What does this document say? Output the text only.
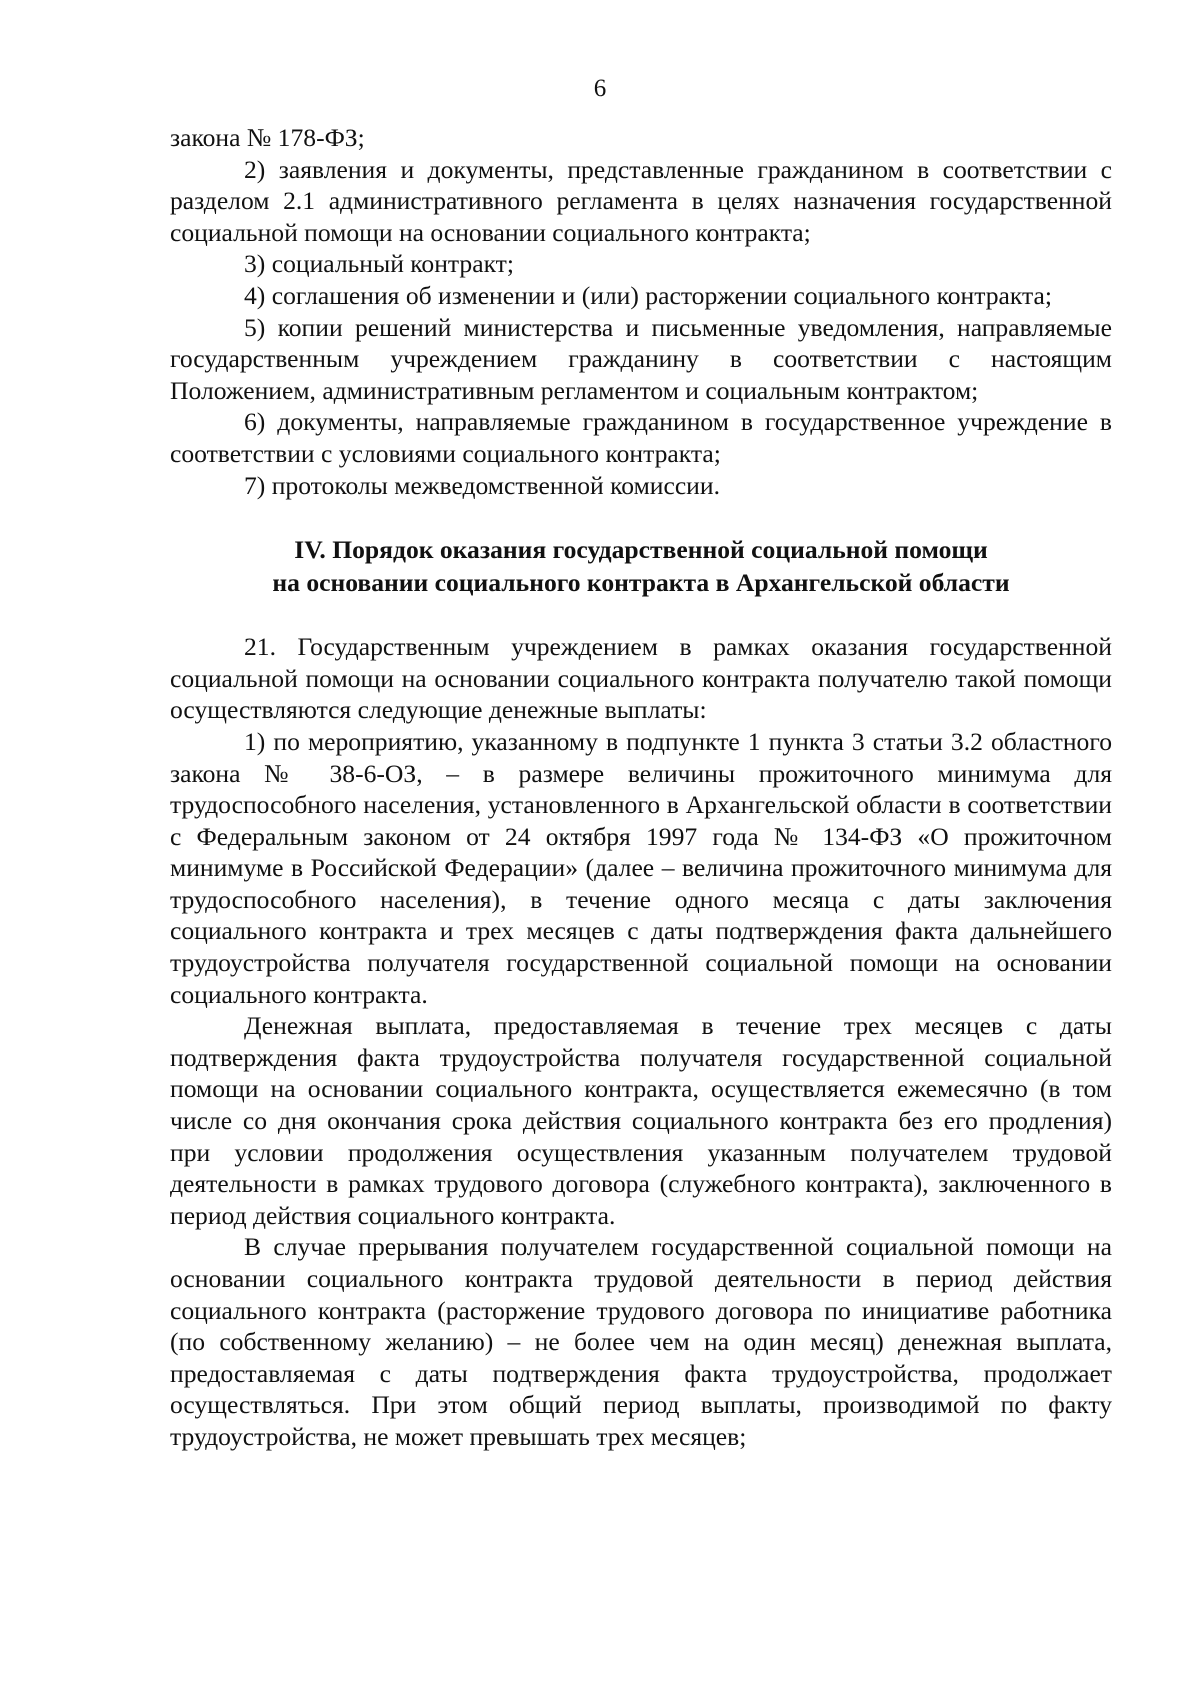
6

закона № 178-ФЗ;

2) заявления и документы, представленные гражданином в соответствии с разделом 2.1 административного регламента в целях назначения государственной социальной помощи на основании социального контракта;

3) социальный контракт;

4) соглашения об изменении и (или) расторжении социального контракта;

5) копии решений министерства и письменные уведомления, направляемые государственным учреждением гражданину в соответствии с настоящим Положением, административным регламентом и социальным контрактом;

6) документы, направляемые гражданином в государственное учреждение в соответствии с условиями социального контракта;

7) протоколы межведомственной комиссии.

IV. Порядок оказания государственной социальной помощи

на основании социального контракта в Архангельской области

21. Государственным учреждением в рамках оказания государственной социальной помощи на основании социального контракта получателю такой помощи осуществляются следующие денежные выплаты:

1) по мероприятию, указанному в подпункте 1 пункта 3 статьи 3.2 областного закона № 38-6-ОЗ, – в размере величины прожиточного минимума для трудоспособного населения, установленного в Архангельской области в соответствии с Федеральным законом от 24 октября 1997 года № 134-ФЗ «О прожиточном минимуме в Российской Федерации» (далее – величина прожиточного минимума для трудоспособного населения), в течение одного месяца с даты заключения социального контракта и трех месяцев с даты подтверждения факта дальнейшего трудоустройства получателя государственной социальной помощи на основании социального контракта.

Денежная выплата, предоставляемая в течение трех месяцев с даты подтверждения факта трудоустройства получателя государственной социальной помощи на основании социального контракта, осуществляется ежемесячно (в том числе со дня окончания срока действия социального контракта без его продления) при условии продолжения осуществления указанным получателем трудовой деятельности в рамках трудового договора (служебного контракта), заключенного в период действия социального контракта.

В случае прерывания получателем государственной социальной помощи на основании социального контракта трудовой деятельности в период действия социального контракта (расторжение трудового договора по инициативе работника (по собственному желанию) – не более чем на один месяц) денежная выплата, предоставляемая с даты подтверждения факта трудоустройства, продолжает осуществляться. При этом общий период выплаты, производимой по факту трудоустройства, не может превышать трех месяцев;
